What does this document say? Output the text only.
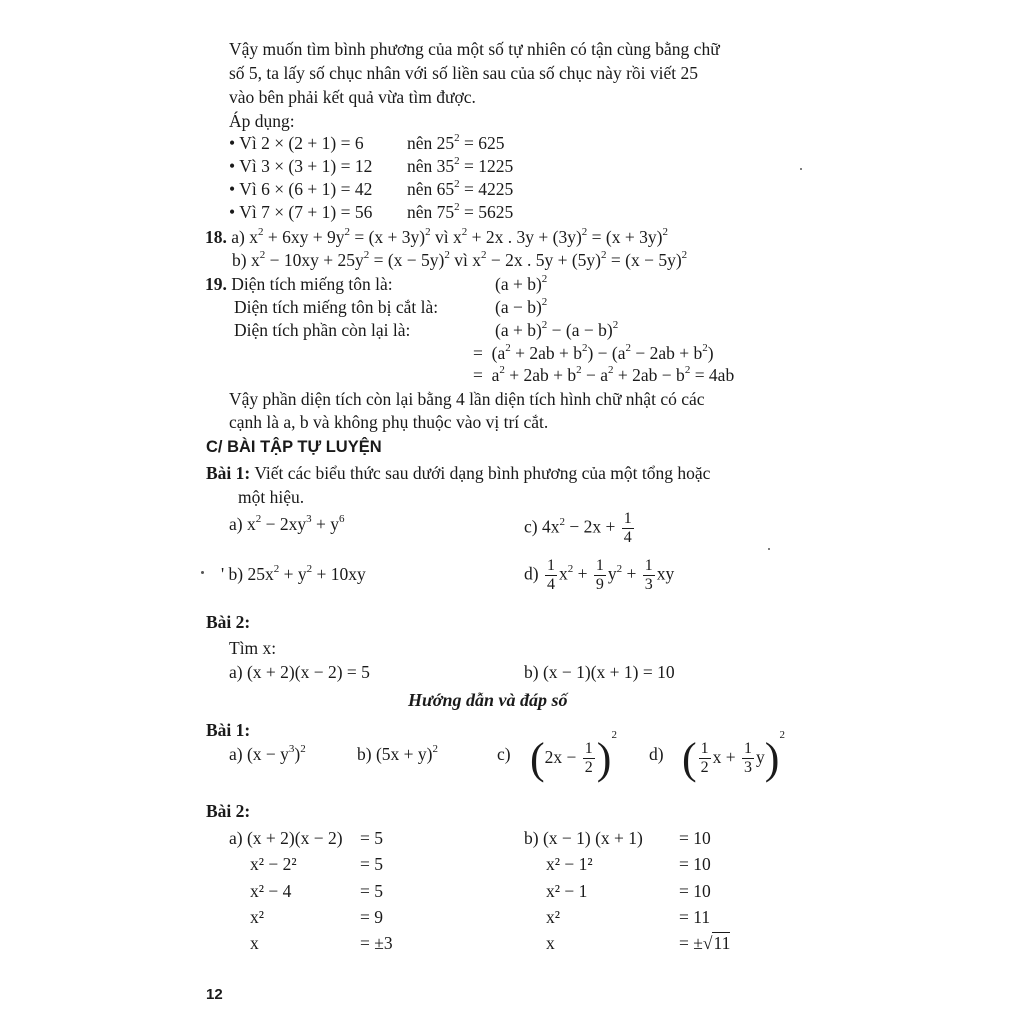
Vậy muốn tìm bình phương của một số tự nhiên có tận cùng bằng chữ
số 5, ta lấy số chục nhân với số liền sau của số chục này rồi viết 25
vào bên phải kết quả vừa tìm được.
Áp dụng:
• Vì 2 × (2 + 1) = 6 nên $25^2 = 625$
• Vì 3 × (3 + 1) = 12 nên $35^2 = 1225$
• Vì 6 × (6 + 1) = 42 nên $65^2 = 4225$
• Vì 7 × (7 + 1) = 56 nên $75^2 = 5625$
18. a) $x^2 + 6xy + 9y^2 = (x + 3y)^2$ vì $x^2 + 2x$ . $3y + (3y)^2 = (x + 3y)^2$
b) $x^2 - 10xy + 25y^2 = (x - 5y)^2$ vì $x^2 - 2x$ . $5y + (5y)^2 = (x - 5y)^2$
19. Diện tích miếng tôn là:	$(a + b)^2$
Diện tích miếng tôn bị cắt là:	$(a - b)^2$
Diện tích phần còn lại là:	$(a + b)^2 - (a - b)^2$
=  $(a^2 + 2ab + b^2) - (a^2 - 2ab + b^2)$
=  $a^2 + 2ab + b^2 - a^2 + 2ab - b^2 = 4ab$
Vậy phần diện tích còn lại bằng 4 lần diện tích hình chữ nhật có các
cạnh là a, b và không phụ thuộc vào vị trí cắt.
C/ BÀI TẬP TỰ LUYỆN
Bài 1: Viết các biểu thức sau dưới dạng bình phương của một tổng hoặc
một hiệu.
a) $x^2 - 2xy^3 + y^6$	c) $4x^2 - 2x + \frac{1}{4}$
' b) $25x^2 + y^2 + 10xy$	$d) \frac{1}{4} x^2 + \frac{1}{9} y^2 + \frac{1}{3}$ xy
Bài 2:
Tìm x:
a) (x + 2)(x − 2) = 5	b) (x − 1)(x + 1) = 10
Hướng dẫn và đáp số
Bài 1:
a) $(x - y^3)^2$	b) $(5x + y)^2$	c) $(2x - \frac{1}{2} )^2$
d) ( $\frac{1}{2}$ $x + \frac{1}{3} y)^2$
Bài 2:
a) (x + 2)(x − 2) = 5
x² − 2²	= 5
x² − 4	= 5
x²	= 9
x	= ±3
b) (x − 1) (x + 1) = 10
x² − 1²	= 10
x² − 1	= 10
x²	= 11
x	= ±√11
12
